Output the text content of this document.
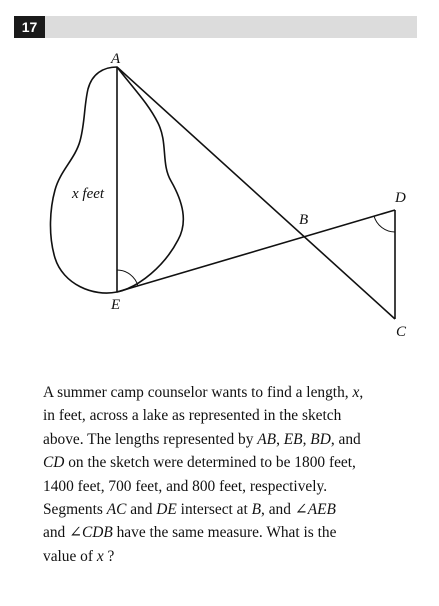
17
A
B
C
D
E
x feet

A summer camp counselor wants to find a length, x,
in feet, across a lake as represented in the sketch
above. The lengths represented by AB, EB, BD, and
CD on the sketch were determined to be 1800 feet,
1400 feet, 700 feet, and 800 feet, respectively.
Segments AC and DE intersect at B, and ∠AEB
and ∠CDB have the same measure. What is the
value of x ?
